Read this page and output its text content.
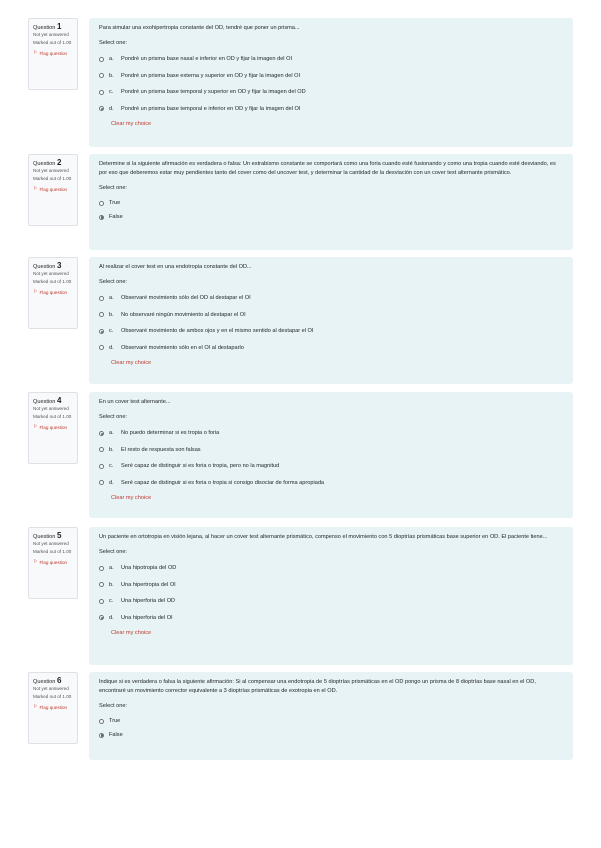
Question 1
Not yet answered
Marked out of 1.00
⚐ Flag question
Para simular una exohipertropia constante del OD, tendré que poner un prisma...
Select one:
a.	Pondré un prisma base nasal e inferior en OD y fijar la imagen del OI
b.	Pondré un prisma base externa y superior en OD y fijar la imagen del OI
c.	Pondré un prisma base temporal y superior en OD y fijar la imagen del OD
d.	Pondré un prisma base temporal e inferior en OD y fijar la imagen del OI
Clear my choice
Question 2
Not yet answered
Marked out of 1.00
⚐ Flag question
Determine si la siguiente afirmación es verdadera o falsa: Un estrabismo constante se comportará como una foria cuando esté fusionando y como una tropia cuando esté desviando, es por eso que deberemos estar muy pendientes tanto del cover como del uncover test, y determinar la cantidad de la desviación con un cover test alternante prismático.
Select one:
True
False
Question 3
Not yet answered
Marked out of 1.00
⚐ Flag question
Al realizar el cover test en una endotropia constante del OD...
Select one:
a.	Observaré movimiento sólo del OD al destapar el OI
b.	No observaré ningún movimiento al destapar el OI
c.	Observaré movimiento de ambos ojos y en el mismo sentido al destapar el OI
d.	Observaré movimiento sólo en el OI al destaparlo
Clear my choice
Question 4
Not yet answered
Marked out of 1.00
⚐ Flag question
En un cover test alternante...
Select one:
a.	No puedo determinar si es tropia o foria
b.	El resto de respuesta son falsas
c.	Seré capaz de distinguir si es foria o tropia, pero no la magnitud
d.	Seré capaz de distinguir si es foria o tropia si consigo disociar de forma apropiada
Clear my choice
Question 5
Not yet answered
Marked out of 1.00
⚐ Flag question
Un paciente en ortotropia en visión lejana, al hacer un cover test alternante prismático, compenso el movimiento con 5 dioptrías prismáticas base superior en OD. El paciente tiene...
Select one:
a.	Una hipotropia del OD
b.	Una hipertropia del OI
c.	Una hiperforia del OD
d.	Una hiperforia del OI
Clear my choice
Question 6
Not yet answered
Marked out of 1.00
⚐ Flag question
Indique si es verdadera o falsa la siguiente afirmación: Si al compensar una endotropia de 5 dioptrías prismáticas en el OD pongo un prisma de 8 dioptrías base nasal en el OD, encontraré un movimiento corrector equivalente a 3 dioptrías prismáticas de exotropia en el OD.
Select one:
True
False
